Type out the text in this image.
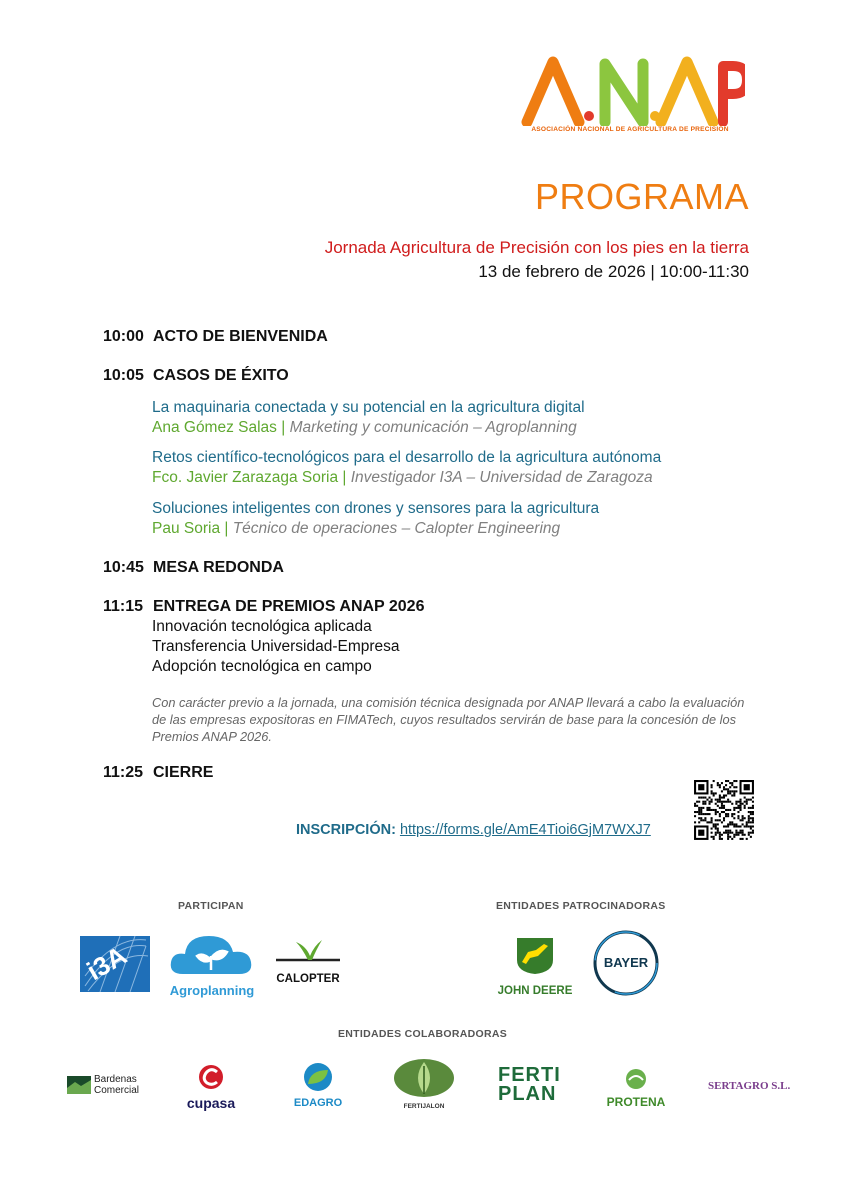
ASOCIACIÓN NACIONAL DE AGRICULTURA DE PRECISIÓN
PROGRAMA
Jornada Agricultura de Precisión con los pies en la tierra
13 de febrero de 2026 | 10:00-11:30
10:00 ACTO DE BIENVENIDA
10:05 CASOS DE ÉXITO
La maquinaria conectada y su potencial en la agricultura digital
Ana Gómez Salas | Marketing y comunicación – Agroplanning
Retos científico-tecnológicos para el desarrollo de la agricultura autónoma
Fco. Javier Zarazaga Soria | Investigador I3A – Universidad de Zaragoza
Soluciones inteligentes con drones y sensores para la agricultura
Pau Soria | Técnico de operaciones – Calopter Engineering
10:45 MESA REDONDA
11:15 ENTREGA DE PREMIOS ANAP 2026
Innovación tecnológica aplicada
Transferencia Universidad-Empresa
Adopción tecnológica en campo
Con carácter previo a la jornada, una comisión técnica designada por ANAP llevará a cabo la evaluación de las empresas expositoras en FIMATech, cuyos resultados servirán de base para la concesión de los Premios ANAP 2026.
11:25 CIERRE
INSCRIPCIÓN: https://forms.gle/AmE4Tioi6GjM7WXJ7
PARTICIPAN	ENTIDADES PATROCINADORAS
i3A
Agroplanning
CALOPTER
JOHN DEERE
BAYER
ENTIDADES COLABORADORAS
Bardenas Comercial
cupasa	EDAGRO	FERTIJALON
FERTI PLAN	PROTENA
SERTAGRO S.L.
